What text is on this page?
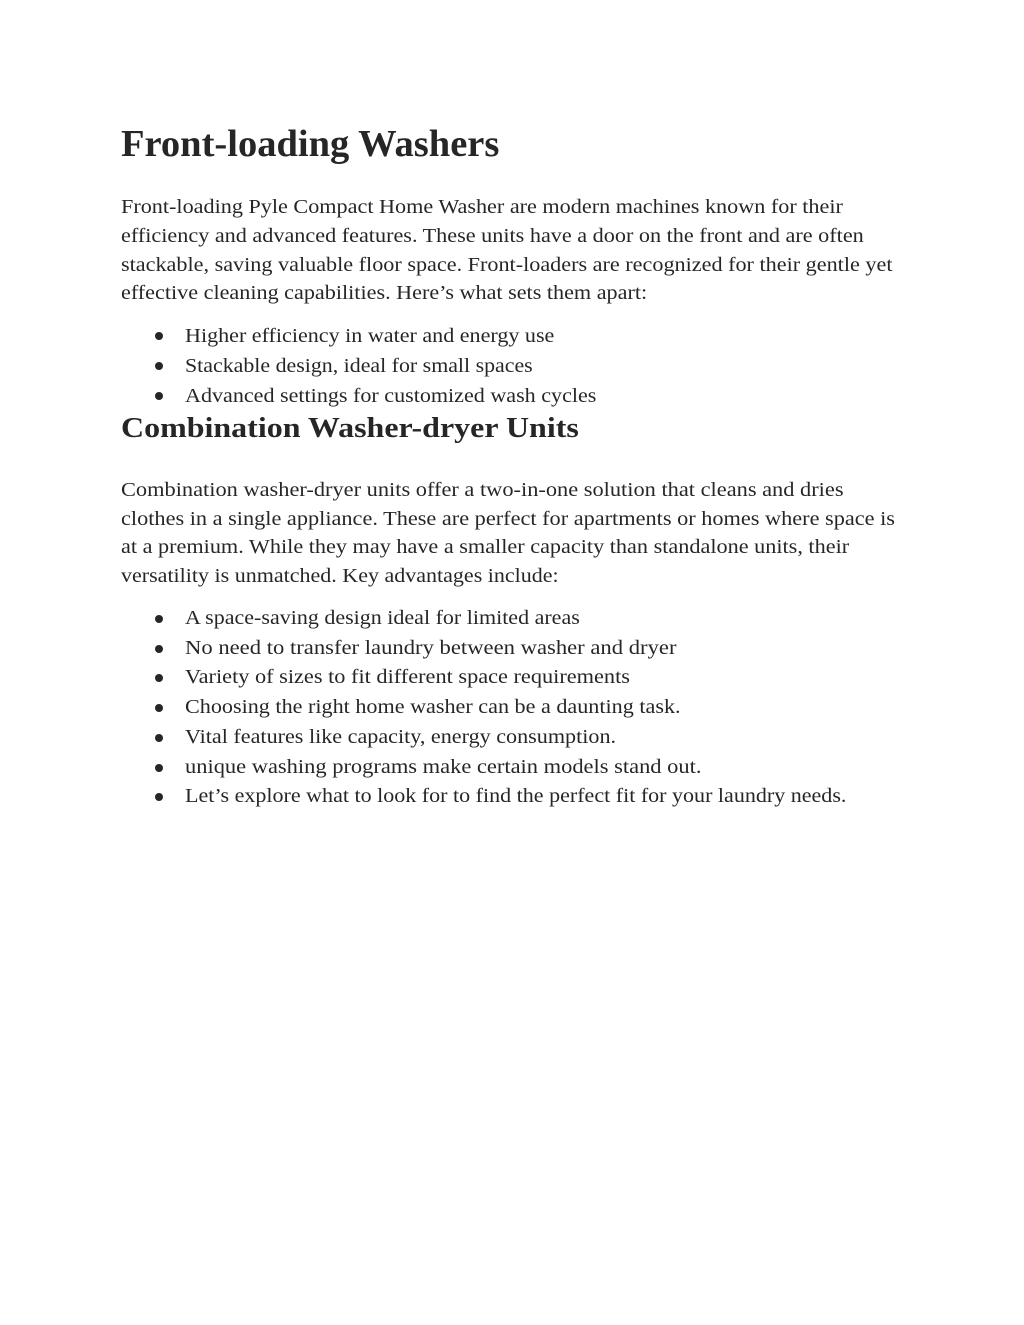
Front-loading Washers
Front-loading Pyle Compact Home Washer are modern machines known for their
efficiency and advanced features. These units have a door on the front and are often
stackable, saving valuable floor space. Front-loaders are recognized for their gentle yet
effective cleaning capabilities. Here’s what sets them apart:
Higher efficiency in water and energy use
Stackable design, ideal for small spaces
Advanced settings for customized wash cycles
Combination Washer-dryer Units
Combination washer-dryer units offer a two-in-one solution that cleans and dries
clothes in a single appliance. These are perfect for apartments or homes where space is
at a premium. While they may have a smaller capacity than standalone units, their
versatility is unmatched. Key advantages include:
A space-saving design ideal for limited areas
No need to transfer laundry between washer and dryer
Variety of sizes to fit different space requirements
Choosing the right home washer can be a daunting task.
Vital features like capacity, energy consumption.
unique washing programs make certain models stand out.
Let’s explore what to look for to find the perfect fit for your laundry needs.
